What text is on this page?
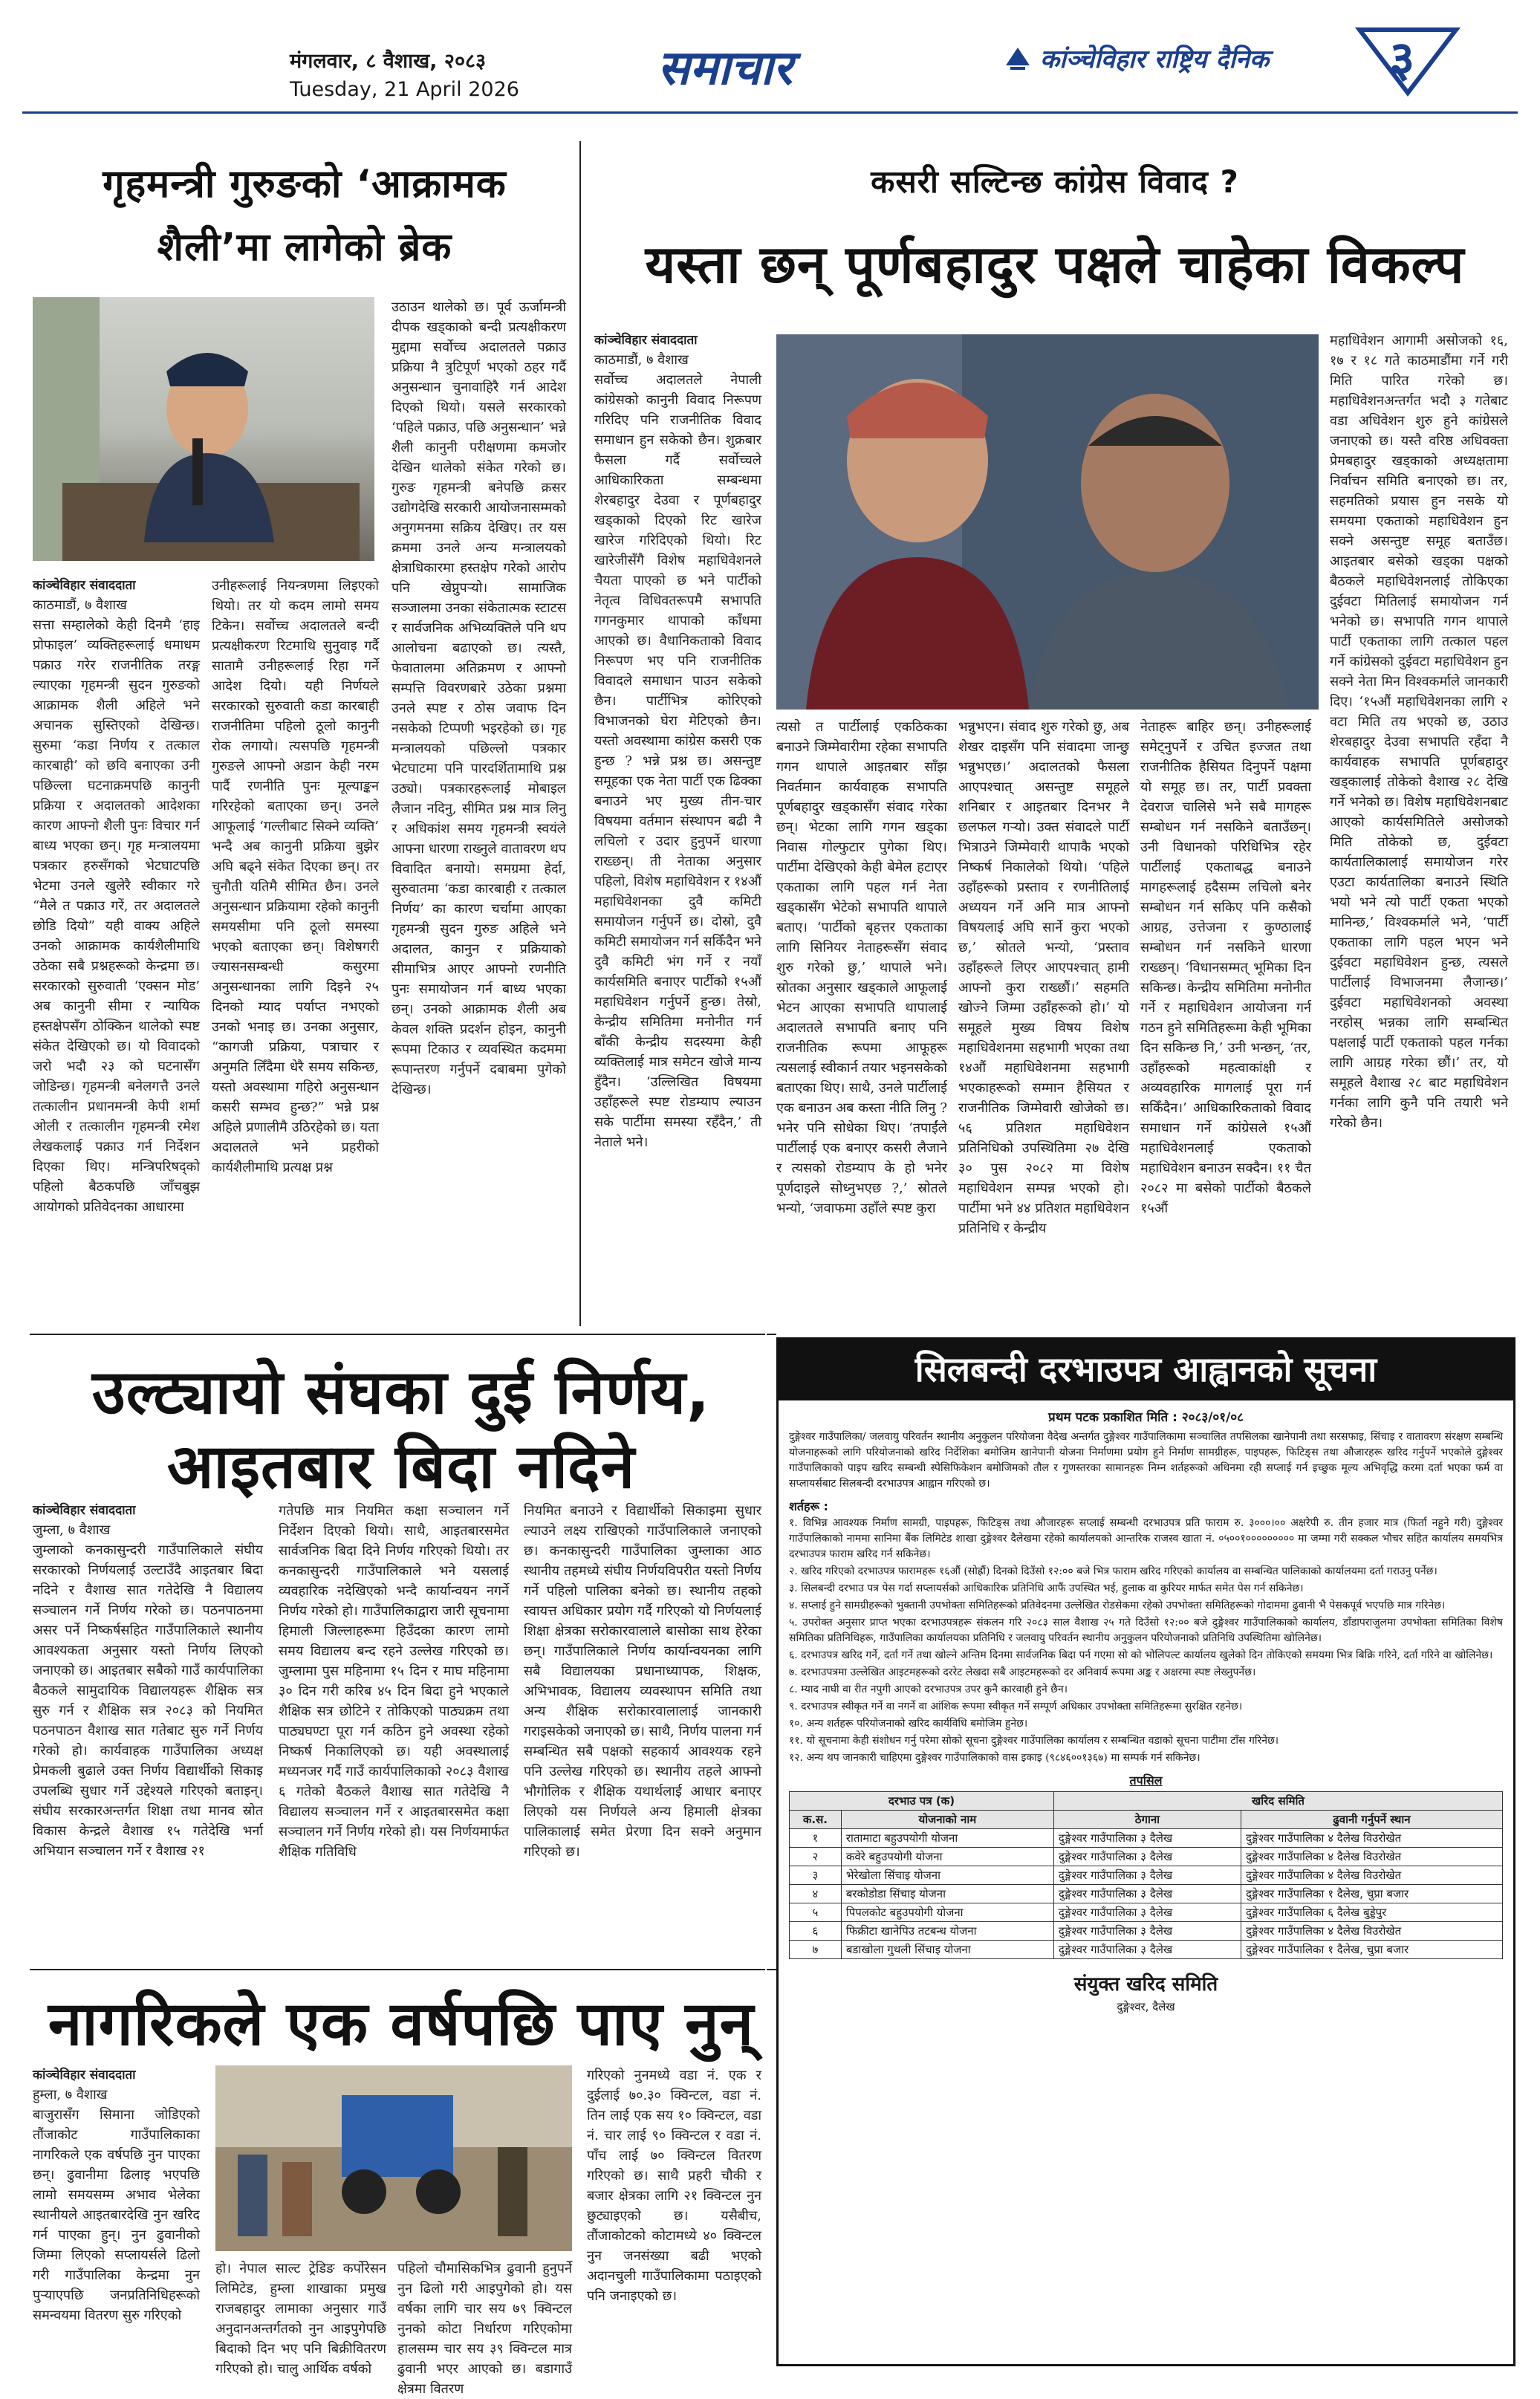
मंगलवार, ८ वैशाख, २०८३
Tuesday, 21 April 2026	समाचार	कांञ्चेविहार राष्ट्रिय दैनिक ३
गृहमन्त्री गुरुङको ‘आक्रामक
शैली’मा लागेको ब्रेक
कांञ्चेविहार संवाददाता
काठमाडौं, ७ वैशाख
सत्ता सम्हालेको केही दिनमै ‘हाइ प्रोफाइल’ व्यक्तिहरूलाई धमाधम पक्राउ गरेर राजनीतिक तरङ्ग ल्याएका गृहमन्त्री सुदन गुरुङको आक्रामक शैली अहिले भने अचानक सुस्तिएको देखिन्छ। सुरुमा ‘कडा निर्णय र तत्काल कारबाही’ को छवि बनाएका उनी पछिल्ला घटनाक्रमपछि कानुनी प्रक्रिया र अदालतको आदेशका कारण आफ्नो शैली पुनः विचार गर्न बाध्य भएका छन्। गृह मन्त्रालयमा पत्रकार हरुसँगको भेटघाटपछि भेटमा उनले खुलेरै स्वीकार गरे “मैले त पक्राउ गरें, तर अदालतले छोडि दियो” यही वाक्य अहिले उनको आक्रामक कार्यशैलीमाथि उठेका सबै प्रश्नहरूको केन्द्रमा छ। सरकारको सुरुवाती ‘एक्सन मोड’ अब कानुनी सीमा र न्यायिक हस्तक्षेपसँग ठोक्किन थालेको स्पष्ट संकेत देखिएको छ। यो विवादको जरो भदौ २३ को घटनासँग जोडिन्छ। गृहमन्त्री बनेलगत्तै उनले तत्कालीन प्रधानमन्त्री केपी शर्मा ओली र तत्कालीन गृहमन्त्री रमेश लेखकलाई पक्राउ गर्न निर्देशन दिएका थिए। मन्त्रिपरिषद्को पहिलो बैठकपछि जाँचबुझ आयोगको प्रतिवेदनका आधारमा
उनीहरूलाई नियन्त्रणमा लिइएको थियो। तर यो कदम लामो समय टिकेन। सर्वोच्च अदालतले बन्दी प्रत्यक्षीकरण रिटमाथि सुनुवाइ गर्दै सातामै उनीहरूलाई रिहा गर्ने आदेश दियो। यही निर्णयले सरकारको सुरुवाती कडा कारबाही राजनीतिमा पहिलो ठूलो कानुनी रोक लगायो। त्यसपछि गृहमन्त्री गुरुङले आफ्नो अडान केही नरम पार्दै रणनीति पुनः मूल्याङ्कन गरिरहेको बताएका छन्। उनले आफूलाई ‘गल्लीबाट सिक्ने व्यक्ति’ भन्दै अब कानुनी प्रक्रिया बुझेर अघि बढ्ने संकेत दिएका छन्। तर चुनौती यतिमै सीमित छैन। उनले अनुसन्धान प्रक्रियामा रहेको कानुनी समयसीमा पनि ठूलो समस्या भएको बताएका छन्। विशेषगरी ज्यासनसम्बन्धी कसुरमा अनुसन्धानका लागि दिइने २५ दिनको म्याद पर्याप्त नभएको उनको भनाइ छ। उनका अनुसार, “कागजी प्रक्रिया, पत्राचार र अनुमति लिँदैमा धेरै समय सकिन्छ, यस्तो अवस्थामा गहिरो अनुसन्धान कसरी सम्भव हुन्छ?” भन्ने प्रश्न अहिले प्रणालीमै उठिरहेको छ। यता अदालतले भने प्रहरीको कार्यशैलीमाथि प्रत्यक्ष प्रश्न
उठाउन थालेको छ। पूर्व ऊर्जामन्त्री दीपक खड्काको बन्दी प्रत्यक्षीकरण मुद्दामा सर्वोच्च अदालतले पक्राउ प्रक्रिया नै त्रुटिपूर्ण भएको ठहर गर्दै अनुसन्धान चुनावाहिरै गर्न आदेश दिएको थियो। यसले सरकारको ‘पहिले पक्राउ, पछि अनुसन्धान’ भन्ने शैली कानुनी परीक्षणमा कमजोर देखिन थालेको संकेत गरेको छ। गुरुङ गृहमन्त्री बनेपछि क्रसर उद्योगदेखि सरकारी आयोजनासम्मको अनुगमनमा सक्रिय देखिए। तर यस क्रममा उनले अन्य मन्त्रालयको क्षेत्राधिकारमा हस्तक्षेप गरेको आरोप पनि खेप्नुपऱ्यो। सामाजिक सञ्जालमा उनका संकेतात्मक स्टाटस र सार्वजनिक अभिव्यक्तिले पनि थप आलोचना बढाएको छ। त्यस्तै, फेवातालमा अतिक्रमण र आफ्नो सम्पत्ति विवरणबारे उठेका प्रश्नमा उनले स्पष्ट र ठोस जवाफ दिन नसकेको टिप्पणी भइरहेको छ। गृह मन्त्रालयको पछिल्लो पत्रकार भेटघाटमा पनि पारदर्शितामाथि प्रश्न उठ्यो। पत्रकारहरूलाई मोबाइल लैजान नदिनु, सीमित प्रश्न मात्र लिनु र अधिकांश समय गृहमन्त्री स्वयंले आफ्ना धारणा राख्नुले वातावरण थप विवादित बनायो। समग्रमा हेर्दा, सुरुवातमा ‘कडा कारबाही र तत्काल निर्णय’ का कारण चर्चामा आएका गृहमन्त्री सुदन गुरुङ अहिले भने अदालत, कानुन र प्रक्रियाको सीमाभित्र आएर आफ्नो रणनीति पुनः समायोजन गर्न बाध्य भएका छन्। उनको आक्रामक शैली अब केवल शक्ति प्रदर्शन होइन, कानुनी रूपमा टिकाउ र व्यवस्थित कदममा रूपान्तरण गर्नुपर्ने दबाबमा पुगेको देखिन्छ।
कसरी सल्टिन्छ कांग्रेस विवाद ?
यस्ता छन् पूर्णबहादुर पक्षले चाहेका विकल्प
कांञ्चेविहार संवाददाता
काठमाडौं, ७ वैशाख
सर्वोच्च अदालतले नेपाली कांग्रेसको कानुनी विवाद निरूपण गरिदिए पनि राजनीतिक विवाद समाधान हुन सकेको छैन। शुक्रबार फैसला गर्दै सर्वोच्चले आधिकारिकता सम्बन्धमा शेरबहादुर देउवा र पूर्णबहादुर खड्काको दिएको रिट खारेज खारेज गरिदिएको थियो। रिट खारेजीसँगै विशेष महाधिवेशनले चैयता पाएको छ भने पार्टीको नेतृत्व विधिवतरूपमै सभापति गगनकुमार थापाको काँधमा आएको छ। वैधानिकताको विवाद निरूपण भए पनि राजनीतिक विवादले समाधान पाउन सकेको छैन। पार्टीभित्र कोरिएको विभाजनको घेरा मेटिएको छैन। यस्तो अवस्थामा कांग्रेस कसरी एक हुन्छ ? भन्ने प्रश्न छ। असन्तुष्ट समूहका एक नेता पार्टी एक ढिक्का बनाउने भए मुख्य तीन-चार विषयमा वर्तमान संस्थापन बढी नै लचिलो र उदार हुनुपर्ने धारणा राख्छन्। ती नेताका अनुसार पहिलो, विशेष महाधिवेशन र १४औं महाधिवेशनका दुवै कमिटी समायोजन गर्नुपर्ने छ। दोस्रो, दुवै कमिटी समायोजन गर्न सकिँदैन भने दुवै कमिटी भंग गर्ने र नयाँ कार्यसमिति बनाएर पार्टीको १५औं महाधिवेशन गर्नुपर्ने हुन्छ। तेस्रो, केन्द्रीय समितिमा मनोनीत गर्न बाँकी केन्द्रीय सदस्यमा केही व्यक्तिलाई मात्र समेटन खोजे मान्य हुँदैन। ‘उल्लिखित विषयमा उहाँहरूले स्पष्ट रोडम्याप ल्याउन सके पार्टीमा समस्या रहँदैन,’ ती नेताले भने।
त्यसो त पार्टीलाई एकठिकका बनाउने जिम्मेवारीमा रहेका सभापति गगन थापाले आइतबार साँझ निवर्तमान कार्यवाहक सभापति पूर्णबहादुर खड्कासँग संवाद गरेका छन्। भेटका लागि गगन खड्का निवास गोल्फुटार पुगेका थिए। पार्टीमा देखिएको केही बेमेल हटाएर एकताका लागि पहल गर्न नेता खड्कासँग भेटेको सभापति थापाले बताए। ‘पार्टीको बृहत्तर एकताका लागि सिनियर नेताहरूसँग संवाद शुरु गरेको छु,’ थापाले भने। स्रोतका अनुसार खड्काले आफूलाई भेटन आएका सभापति थापालाई अदालतले सभापति बनाए पनि राजनीतिक रूपमा आफूहरू त्यसलाई स्वीकार्न तयार भइनसकेको बताएका थिए। साथै, उनले पार्टीलाई एक बनाउन अब कस्ता नीति लिनु ? भनेर पनि सोधेका थिए। ‘तपाईंले पार्टीलाई एक बनाएर कसरी लैजाने र त्यसको रोडम्याप के हो भनेर पूर्णदाइले सोध्नुभएछ ?,’ स्रोतले भन्यो, ‘जवाफमा उहाँले स्पष्ट कुरा
भन्नुभएन। संवाद शुरु गरेको छु, अब शेखर दाइसँग पनि संवादमा जान्छु भन्नुभएछ।’ अदालतको फैसला आएपश्चात् असन्तुष्ट समूहले शनिबार र आइतबार दिनभर नै छलफल गऱ्यो। उक्त संवादले पार्टी भित्राउने जिम्मेवारी थापाकै भएको निष्कर्ष निकालेको थियो। ‘पहिले उहाँहरूको प्रस्ताव र रणनीतिलाई अध्ययन गर्ने अनि मात्र आफ्नो विषयलाई अघि सार्ने कुरा भएको छ,’ स्रोतले भन्यो, ‘प्रस्ताव उहाँहरूले लिएर आएपश्चात् हामी आफ्नो कुरा राख्छौं।’ सहमति खोज्ने जिम्मा उहाँहरूको हो।’ यो समूहले मुख्य विषय विशेष महाधिवेशनमा सहभागी भएका तथा १४औं महाधिवेशनमा सहभागी भएकाहरूको सम्मान हैसियत र राजनीतिक जिम्मेवारी खोजेको छ। ५६ प्रतिशत महाधिवेशन प्रतिनिधिको उपस्थितिमा २७ देखि ३० पुस २०८२ मा विशेष महाधिवेशन सम्पन्न भएको हो। पार्टीमा भने ४४ प्रतिशत महाधिवेशन प्रतिनिधि र केन्द्रीय
नेताहरू बाहिर छन्। उनीहरूलाई समेट्नुपर्ने र उचित इज्जत तथा राजनीतिक हैसियत दिनुपर्ने पक्षमा यो समूह छ। तर, पार्टी प्रवक्ता देवराज चालिसे भने सबै मागहरू सम्बोधन गर्न नसकिने बताउँछन्। उनी विधानको परिधिभित्र रहेर पार्टीलाई एकताबद्ध बनाउने मागहरूलाई हदैसम्म लचिलो बनेर सम्बोधन गर्न सकिए पनि कसैको आग्रह, उत्तेजना र कुण्ठालाई सम्बोधन गर्न नसकिने धारणा राख्छन्। ‘विधानसम्मत् भूमिका दिन सकिन्छ। केन्द्रीय समितिमा मनोनीत गर्ने र महाधिवेशन आयोजना गर्न गठन हुने समितिहरूमा केही भूमिका दिन सकिन्छ नि,’ उनी भन्छन्, ‘तर, उहाँहरूको महत्वाकांक्षी र अव्यवहारिक मागलाई पूरा गर्न सकिँदैन।’ आधिकारिकताको विवाद समाधान गर्ने कांग्रेसले १५औं महाधिवेशनलाई एकताको महाधिवेशन बनाउन सक्दैन। ११ चैत २०८२ मा बसेको पार्टीको बैठकले १५औं
महाधिवेशन आगामी असोजको १६, १७ र १८ गते काठमाडौंमा गर्ने गरी मिति पारित गरेको छ। महाधिवेशनअन्तर्गत भदौ ३ गतेबाट वडा अधिवेशन शुरु हुने कांग्रेसले जनाएको छ। यस्तै वरिष्ठ अधिवक्ता प्रेमबहादुर खड्काको अध्यक्षतामा निर्वाचन समिति बनाएको छ। तर, सहमतिको प्रयास हुन नसके यो समयमा एकताको महाधिवेशन हुन सक्ने असन्तुष्ट समूह बताउँछ। आइतबार बसेको खड्का पक्षको बैठकले महाधिवेशनलाई तोकिएका दुईवटा मितिलाई समायोजन गर्न भनेको छ। सभापति गगन थापाले पार्टी एकताका लागि तत्काल पहल गर्ने कांग्रेसको दुईवटा महाधिवेशन हुन सक्ने नेता मिन विश्वकर्माले जानकारी दिए। ‘१५औं महाधिवेशनका लागि २ वटा मिति तय भएको छ, उठाउ शेरबहादुर देउवा सभापति रहँदा नै कार्यवाहक सभापति पूर्णबहादुर खड्कालाई तोकेको वैशाख २८ देखि गर्ने भनेको छ। विशेष महाधिवेशनबाट आएको कार्यसमितिले असोजको मिति तोकेको छ, दुईवटा कार्यतालिकालाई समायोजन गरेर एउटा कार्यतालिका बनाउने स्थिति भयो भने त्यो पार्टी एकता भएको मानिन्छ,’ विश्वकर्माले भने, ‘पार्टी एकताका लागि पहल भएन भने दुईवटा महाधिवेशन हुन्छ, त्यसले पार्टीलाई विभाजनमा लैजान्छ।’ दुईवटा महाधिवेशनको अवस्था नरहोस् भन्नका लागि सम्बन्धित पक्षलाई पार्टी एकताको पहल गर्नका लागि आग्रह गरेका छौं।’ तर, यो समूहले वैशाख २८ बाट महाधिवेशन गर्नका लागि कुनै पनि तयारी भने गरेको छैन।
उल्ट्यायो संघका दुई निर्णय,
आइतबार बिदा नदिने
कांञ्चेविहार संवाददाता
जुम्ला, ७ वैशाख
जुम्लाको कनकासुन्दरी गाउँपालिकाले संघीय सरकारको निर्णयलाई उल्टाउँदै आइतबार बिदा नदिने र वैशाख सात गतेदेखि नै विद्यालय सञ्चालन गर्ने निर्णय गरेको छ। पठनपाठनमा असर पर्ने निष्कर्षसहित गाउँपालिकाले स्थानीय आवश्यकता अनुसार यस्तो निर्णय लिएको जनाएको छ। आइतबार सबैको गाउँ कार्यपालिका बैठकले सामुदायिक विद्यालयहरू शैक्षिक सत्र सुरु गर्न र शैक्षिक सत्र २०८३ को नियमित पठनपाठन वैशाख सात गतेबाट सुरु गर्ने निर्णय गरेको हो। कार्यवाहक गाउँपालिका अध्यक्ष प्रेमकली बुढाले उक्त निर्णय विद्यार्थीको सिकाइ उपलब्धि सुधार गर्ने उद्देश्यले गरिएको बताइन्। संघीय सरकारअन्तर्गत शिक्षा तथा मानव स्रोत विकास केन्द्रले वैशाख १५ गतेदेखि भर्ना अभियान सञ्चालन गर्ने र वैशाख २१
गतेपछि मात्र नियमित कक्षा सञ्चालन गर्ने निर्देशन दिएको थियो। साथै, आइतबारसमेत सार्वजनिक बिदा दिने निर्णय गरिएको थियो। तर कनकासुन्दरी गाउँपालिकाले भने यसलाई व्यवहारिक नदेखिएको भन्दै कार्यान्वयन नगर्ने निर्णय गरेको हो। गाउँपालिकाद्वारा जारी सूचनामा हिमाली जिल्लाहरूमा हिउँदका कारण लामो समय विद्यालय बन्द रहने उल्लेख गरिएको छ। जुम्लामा पुस महिनामा १५ दिन र माघ महिनामा ३० दिन गरी करिब ४५ दिन बिदा हुने भएकाले शैक्षिक सत्र छोटिने र तोकिएको पाठ्यक्रम तथा पाठ्यघण्टा पूरा गर्न कठिन हुने अवस्था रहेको निष्कर्ष निकालिएको छ। यही अवस्थालाई मध्यनजर गर्दै गाउँ कार्यपालिकाको २०८३ वैशाख ६ गतेको बैठकले वैशाख सात गतेदेखि नै विद्यालय सञ्चालन गर्ने र आइतबारसमेत कक्षा सञ्चालन गर्ने निर्णय गरेको हो। यस निर्णयमार्फत शैक्षिक गतिविधि
नियमित बनाउने र विद्यार्थीको सिकाइमा सुधार ल्याउने लक्ष्य राखिएको गाउँपालिकाले जनाएको छ। कनकासुन्दरी गाउँपालिका जुम्लाका आठ स्थानीय तहमध्ये संघीय निर्णयविपरीत यस्तो निर्णय गर्ने पहिलो पालिका बनेको छ। स्थानीय तहको स्वायत्त अधिकार प्रयोग गर्दै गरिएको यो निर्णयलाई शिक्षा क्षेत्रका सरोकारवालाले बासोका साथ हेरेका छन्। गाउँपालिकाले निर्णय कार्यान्वयनका लागि सबै विद्यालयका प्रधानाध्यापक, शिक्षक, अभिभावक, विद्यालय व्यवस्थापन समिति तथा अन्य शैक्षिक सरोकारवालालाई जानकारी गराइसकेको जनाएको छ। साथै, निर्णय पालना गर्न सम्बन्धित सबै पक्षको सहकार्य आवश्यक रहने पनि उल्लेख गरिएको छ। स्थानीय तहले आफ्नो भौगोलिक र शैक्षिक यथार्थलाई आधार बनाएर लिएको यस निर्णयले अन्य हिमाली क्षेत्रका पालिकालाई समेत प्रेरणा दिन सक्ने अनुमान गरिएको छ।
नागरिकले एक वर्षपछि पाए नुन्
कांञ्चेविहार संवाददाता
हुम्ला, ७ वैशाख
बाजुरासँग सिमाना जोडिएको तौंजाकोट गाउँपालिकाका नागरिकले एक वर्षपछि नुन पाएका छन्। ढुवानीमा ढिलाइ भएपछि लामो समयसम्म अभाव भेलेका स्थानीयले आइतबारदेखि नुन खरिद गर्न पाएका हुन्। नुन ढुवानीको जिम्मा लिएको सप्लायर्सले ढिलो गरी गाउँपालिका केन्द्रमा नुन पुऱ्याएपछि जनप्रतिनिधिहरूको समन्वयमा वितरण सुरु गरिएको
हो। नेपाल साल्ट ट्रेडिङ कर्पोरेसन लिमिटेड, हुम्ला शाखाका प्रमुख राजबहादुर लामाका अनुसार गाउँ अनुदानअन्तर्गतको नुन आइपुगेपछि बिदाको दिन भए पनि बिक्रीवितरण गरिएको हो। चालु आर्थिक वर्षको
पहिलो चौमासिकभित्र ढुवानी हुनुपर्ने नुन ढिलो गरी आइपुगेको हो। यस वर्षका लागि चार सय ७९ क्विन्टल नुनको कोटा निर्धारण गरिएकोमा हालसम्म चार सय ३९ क्विन्टल मात्र ढुवानी भएर आएको छ। बडागाउँ क्षेत्रमा वितरण
गरिएको नुनमध्ये वडा नं. एक र दुईलाई ७०.३० क्विन्टल, वडा नं. तिन लाई एक सय १० क्विन्टल, वडा नं. चार लाई ९० क्विन्टल र वडा नं. पाँच लाई ७० क्विन्टल वितरण गरिएको छ। साथै प्रहरी चौकी र बजार क्षेत्रका लागि २१ क्विन्टल नुन छुट्याइएको छ। यसैबीच, तौंजाकोटको कोटामध्ये ४० क्विन्टल नुन जनसंख्या बढी भएको अदानचुली गाउँपालिकामा पठाइएको पनि जनाइएको छ।
सिलबन्दी दरभाउपत्र आह्वानको सूचना
प्रथम पटक प्रकाशित मिति : २०८३/०१/०८
दुङ्गेश्वर गाउँपालिका/ जलवायु परिवर्तन स्थानीय अनुकुलन परियोजना वैदेख अन्तर्गत दुङ्गेश्वर गाउँपालिकामा सञ्चालित तपसिलका खानेपानी तथा सरसफाइ, सिंचाइ र वातावरण संरक्षण सम्बन्धि योजनाहरूको लागि परियोजनाको खरिद निर्देशिका बमोजिम खानेपानी योजना निर्माणमा प्रयोग हुने निर्माण सामग्रीहरू, पाइपहरू, फिटिङ्स तथा औजारहरू खरिद गर्नुपर्ने भएकोले दुङ्गेश्वर गाउँपालिकाको पाइप खरिद सम्बन्धी स्पेसिफिकेशन बमोजिमको तौल र गुणस्तरका सामानहरू निम्न शर्तहरूको अधिनमा रही सप्लाई गर्न इच्छुक मूल्य अभिवृद्धि करमा दर्ता भएका फर्म वा सप्लायर्सबाट सिलबन्दी दरभाउपत्र आह्वान गरिएको छ।
शर्तहरू :
१. विभिन्न आवश्यक निर्माण सामग्री, पाइपहरू, फिटिङ्स तथा औजारहरू सप्लाई सम्बन्धी दरभाउपत्र प्रति फाराम रु. ३०००।०० अक्षरेपी रु. तीन हजार मात्र (फिर्ता नहुने गरी) दुङ्गेश्वर गाउँपालिकाको नाममा सानिमा बैंक लिमिटेड शाखा दुङ्गेश्वर दैलेखमा रहेको कार्यालयको आन्तरिक राजस्व खाता नं. ०५००१००००००००० मा जम्मा गरी सक्कल भौचर सहित कार्यालय समयभित्र दरभाउपत्र फाराम खरिद गर्न सकिनेछ।
२. खरिद गरिएको दरभाउपत्र फारामहरू १६औं (सोह्रौं) दिनको दिउँसो १२:०० बजे भित्र फाराम खरिद गरिएको कार्यालय वा सम्बन्धित पालिकाको कार्यालयमा दर्ता गराउनु पर्नेछ।
३. सिलबन्दी दरभाउ पत्र पेस गर्दा सप्लायर्सको आधिकारिक प्रतिनिधि आफैं उपस्थित भई, हुलाक वा कुरियर मार्फत समेत पेस गर्न सकिनेछ।
४. सप्लाई हुने सामग्रीहरूको भुक्तानी उपभोक्ता समितिहरूको प्रतिवेदनमा उल्लेखित रोडसेकमा रहेको उपभोक्ता समितिहरूको गोदाममा ढुवानी भै पेसकपूर्व भएपछि मात्र गरिनेछ।
५. उपरोक्त अनुसार प्राप्त भएका दरभाउपत्रहरू संकलन गरि २०८३ साल वैशाख २५ गते दिउँसो १२:०० बजे दुङ्गेश्वर गाउँपालिकाको कार्यालय, डाँडापराजुलमा उपभोक्ता समितिका विशेष समितिका प्रतिनिधिहरू, गाउँपालिका कार्यालयका प्रतिनिधि र जलवायु परिवर्तन स्थानीय अनुकुलन परियोजनाको प्रतिनिधि उपस्थितिमा खोलिनेछ।
६. दरभाउपत्र खरिद गर्ने, दर्ता गर्ने तथा खोल्ने अन्तिम दिनमा सार्वजनिक बिदा पर्न गएमा सो को भोलिपल्ट कार्यालय खुलेको दिन तोकिएको समयमा भित्र बिक्रि गरिने, दर्ता गरिने वा खोलिनेछ।
७. दरभाउपत्रमा उल्लेखित आइटमहरूको दररेट लेखदा सबै आइटमहरूको दर अनिवार्य रूपमा अङ्क र अक्षरमा स्पष्ट लेख्नुपर्नेछ।
८. म्याद नाघी वा रीत नपुगी आएको दरभाउपत्र उपर कुनै कारवाही हुने छैन।
९. दरभाउपत्र स्वीकृत गर्ने वा नगर्ने वा आंशिक रूपमा स्वीकृत गर्ने सम्पूर्ण अधिकार उपभोक्ता समितिहरूमा सुरक्षित रहनेछ।
१०. अन्य शर्तहरू परियोजनाको खरिद कार्यविधि बमोजिम हुनेछ।
११. यो सूचनामा केही संशोधन गर्नु परेमा सोको सूचना दुङ्गेश्वर गाउँपालिका कार्यालय र सम्बन्धित वडाको सूचना पाटीमा टाँस गरिनेछ।
१२. अन्य थप जानकारी चाहिएमा दुङ्गेश्वर गाउँपालिकाको वास इकाइ (९८४६००१३६७) मा सम्पर्क गर्न सकिनेछ।
तपसिल
दरभाउ पत्र (क)		खरिद समिति	
क.स.	योजनाको नाम	ठेगाना	ढुवानी गर्नुपर्ने स्थान
१	रातामाटा बहुउपयोगी योजना	दुङ्गेश्वर गाउँपालिका ३ दैलेख	दुङ्गेश्वर गाउँपालिका ४ दैलेख विउरोखेत
२	कवेरे बहुउपयोगी योजना	दुङ्गेश्वर गाउँपालिका ३ दैलेख	दुङ्गेश्वर गाउँपालिका ४ दैलेख विउरोखेत
३	भेरेखोला सिंचाइ योजना	दुङ्गेश्वर गाउँपालिका ३ दैलेख	दुङ्गेश्वर गाउँपालिका ४ दैलेख विउरोखेत
४	बरकोडोडा सिंचाइ योजना	दुङ्गेश्वर गाउँपालिका ३ दैलेख	दुङ्गेश्वर गाउँपालिका १ दैलेख, चुप्रा बजार
५	पिपलकोट बहुउपयोगी योजना	दुङ्गेश्वर गाउँपालिका ३ दैलेख	दुङ्गेश्वर गाउँपालिका ६ दैलेख बुड्डेपुर
६	फिक्रीटा खानेपिउ तटबन्ध योजना	दुङ्गेश्वर गाउँपालिका ३ दैलेख	दुङ्गेश्वर गाउँपालिका ४ दैलेख विउरोखेत
७	बडाखोला गुथली सिंचाइ योजना	दुङ्गेश्वर गाउँपालिका ३ दैलेख	दुङ्गेश्वर गाउँपालिका १ दैलेख, चुप्रा बजार
संयुक्त खरिद समिति
दुङ्गेश्वर, दैलेख
